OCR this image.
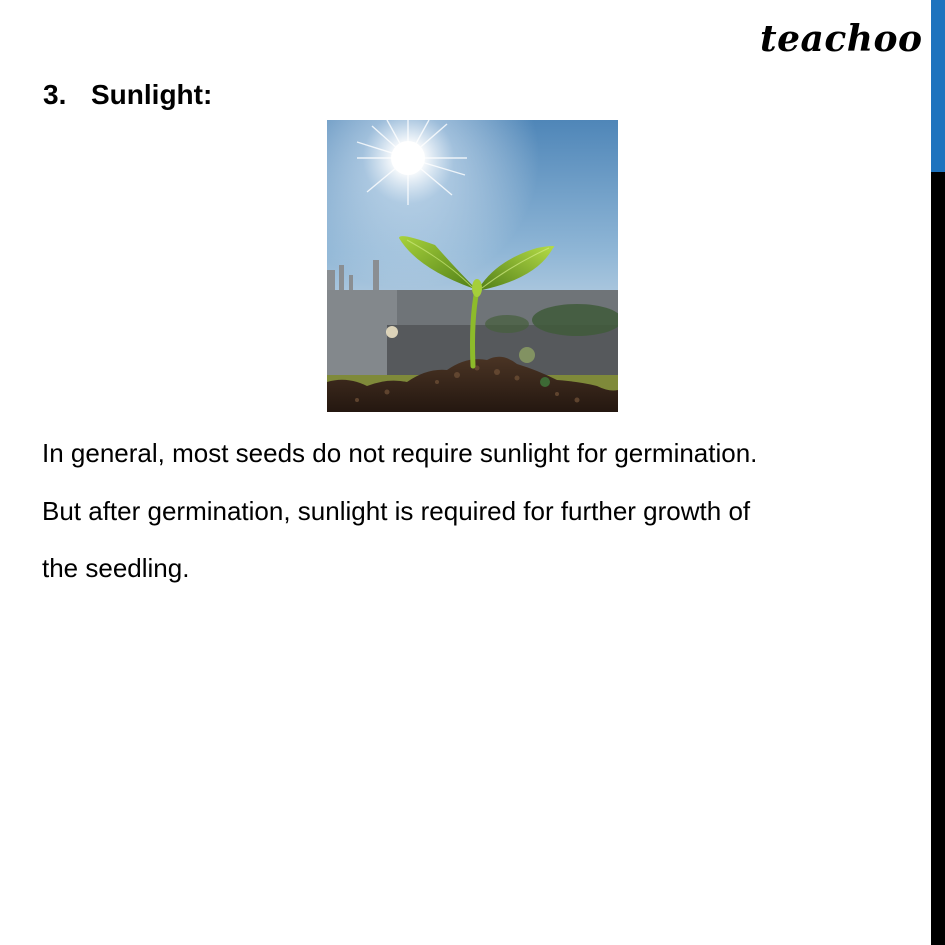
teachoo
3. Sunlight:

In general, most seeds do not require sunlight for germination.
But after germination, sunlight is required for further growth of
the seedling.
